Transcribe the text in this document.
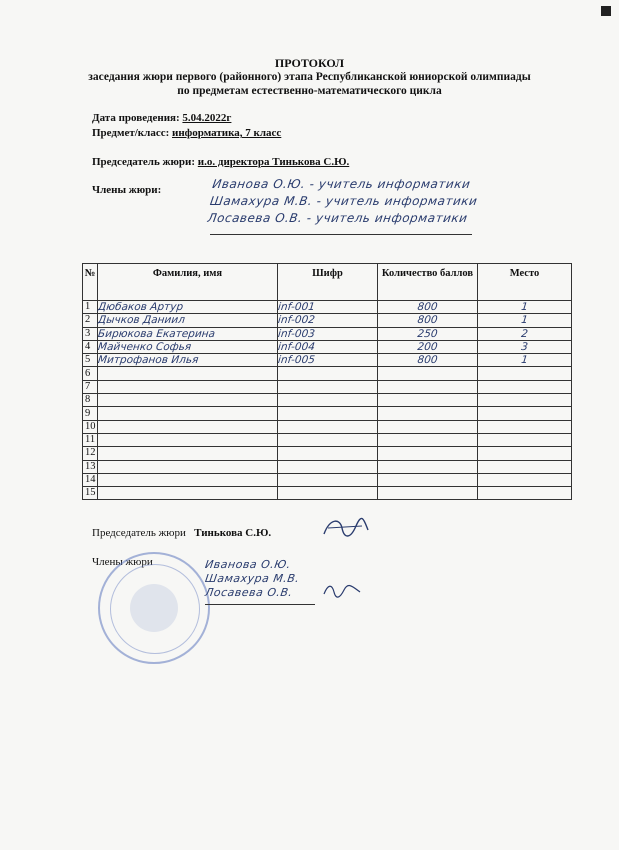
ПРОТОКОЛ
заседания жюри первого (районного) этапа Республиканской юниорской олимпиады
по предметам естественно-математического цикла
Дата проведения: 5.04.2022г
Предмет/класс: информатика, 7 класс
Председатель жюри: и.о. директора Тинькова С.Ю.
Члены жюри:	Иванова О.Ю. - учитель информатики
Шамахура М.В. - учитель информатики
Лосавева О.В. - учитель информатики
№	Фамилия, имя	Шифр	Количество баллов	Место
1	Дюбаков Артур	inf-001	800	1

2	Дычков Даниил	inf-002	800	1

3	Бирюкова Екатерина	inf-003	250	2

4	Майченко Софья	inf-004	200	3

5	Митрофанов Илья	inf-005	800	1

6	

7	

8	

9	

10	

11	

12	

13	

14	

15	

Председатель жюри Тинькова С.Ю.
Члены жюри	Иванова О.Ю.
Шамахура М.В.
Лосавева О.В.
